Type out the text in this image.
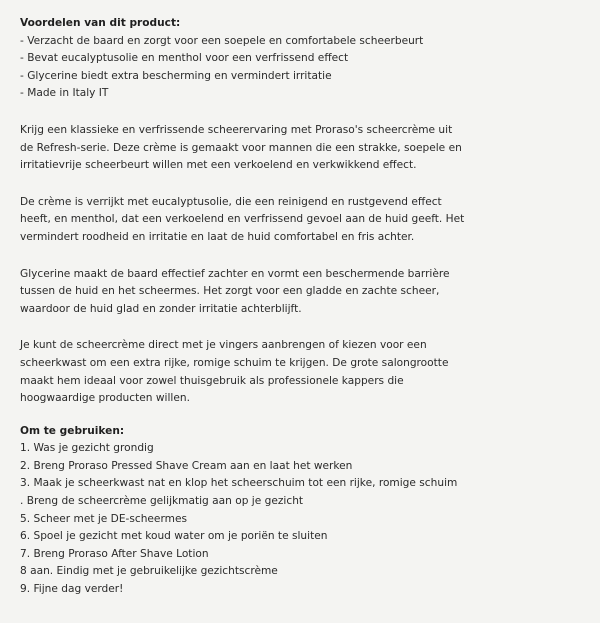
Voordelen van dit product:
- Verzacht de baard en zorgt voor een soepele en comfortabele scheerbeurt
- Bevat eucalyptusolie en menthol voor een verfrissend effect
- Glycerine biedt extra bescherming en vermindert irritatie
- Made in Italy IT
Krijg een klassieke en verfrissende scheerervaring met Proraso's scheercrème uit
de Refresh-serie. Deze crème is gemaakt voor mannen die een strakke, soepele en
irritatievrije scheerbeurt willen met een verkoelend en verkwikkend effect.
De crème is verrijkt met eucalyptusolie, die een reinigend en rustgevend effect
heeft, en menthol, dat een verkoelend en verfrissend gevoel aan de huid geeft. Het
vermindert roodheid en irritatie en laat de huid comfortabel en fris achter.
Glycerine maakt de baard effectief zachter en vormt een beschermende barrière
tussen de huid en het scheermes. Het zorgt voor een gladde en zachte scheer,
waardoor de huid glad en zonder irritatie achterblijft.
Je kunt de scheercrème direct met je vingers aanbrengen of kiezen voor een
scheerkwast om een extra rijke, romige schuim te krijgen. De grote salongrootte
maakt hem ideaal voor zowel thuisgebruik als professionele kappers die
hoogwaardige producten willen.
Om te gebruiken:
1. Was je gezicht grondig
2. Breng Proraso Pressed Shave Cream aan en laat het werken
3. Maak je scheerkwast nat en klop het scheerschuim tot een rijke, romige schuim
. Breng de scheercrème gelijkmatig aan op je gezicht
5. Scheer met je DE-scheermes
6. Spoel je gezicht met koud water om je poriën te sluiten
7. Breng Proraso After Shave Lotion
8 aan. Eindig met je gebruikelijke gezichtscrème
9. Fijne dag verder!
